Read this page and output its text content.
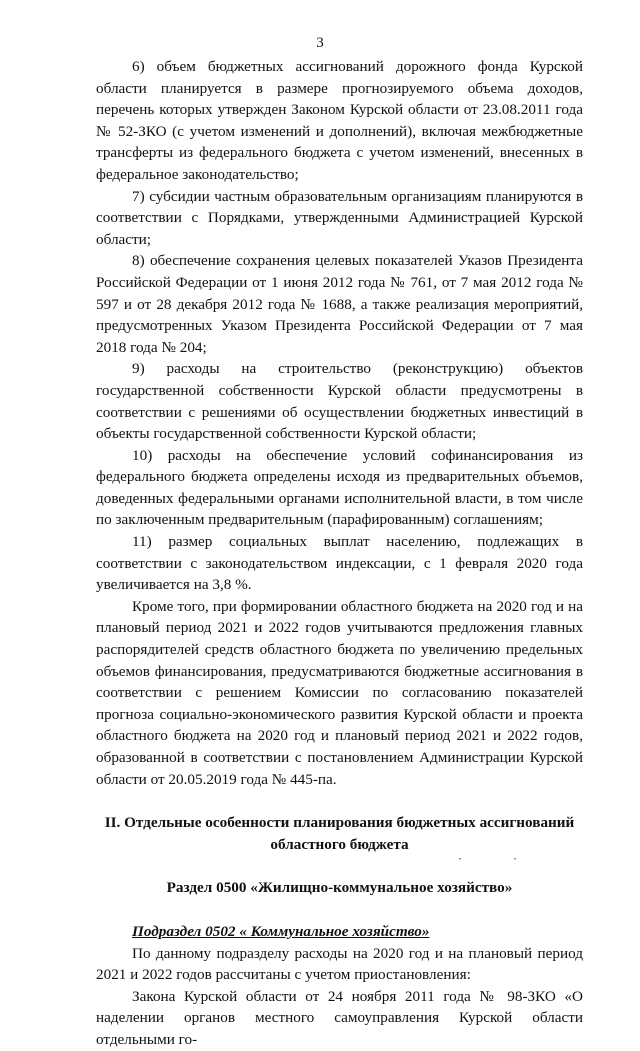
3

6) объем бюджетных ассигнований дорожного фонда Курской области планируется в размере прогнозируемого объема доходов, перечень которых утвержден Законом Курской области от 23.08.2011 года № 52-ЗКО (с учетом изменений и дополнений), включая межбюджетные трансферты из федерального бюджета с учетом изменений, внесенных в федеральное законодательство;

7) субсидии частным образовательным организациям планируются в соответствии с Порядками, утвержденными Администрацией Курской области;

8) обеспечение сохранения целевых показателей Указов Президента Российской Федерации от 1 июня 2012 года № 761, от 7 мая 2012 года № 597 и от 28 декабря 2012 года № 1688, а также реализация мероприятий, предусмотренных Указом Президента Российской Федерации от 7 мая 2018 года № 204;

9) расходы на строительство (реконструкцию) объектов государственной собственности Курской области предусмотрены в соответствии с решениями об осуществлении бюджетных инвестиций в объекты государственной собственности Курской области;

10) расходы на обеспечение условий софинансирования из федерального бюджета определены исходя из предварительных объемов, доведенных федеральными органами исполнительной власти, в том числе по заключенным предварительным (парафированным) соглашениям;

11) размер социальных выплат населению, подлежащих в соответствии с законодательством индексации, с 1 февраля 2020 года увеличивается на 3,8 %.

Кроме того, при формировании областного бюджета на 2020 год и на плановый период 2021 и 2022 годов учитываются предложения главных распорядителей средств областного бюджета по увеличению предельных объемов финансирования, предусматриваются бюджетные ассигнования в соответствии с решением Комиссии по согласованию показателей прогноза социально-экономического развития Курской области и проекта областного бюджета на 2020 год и плановый период 2021 и 2022 годов, образованной в соответствии с постановлением Администрации Курской области от 20.05.2019 года № 445-па.

II. Отдельные особенности планирования бюджетных ассигнований
областного бюджета
Раздел 0500 «Жилищно-коммунальное хозяйство»

Подраздел 0502 « Коммунальное хозяйство»

По данному подразделу расходы на 2020 год и на плановый период 2021 и 2022 годов рассчитаны с учетом приостановления:

Закона Курской области от 24 ноября 2011 года № 98-ЗКО «О наделении органов местного самоуправления Курской области отдельными го-

•	•
